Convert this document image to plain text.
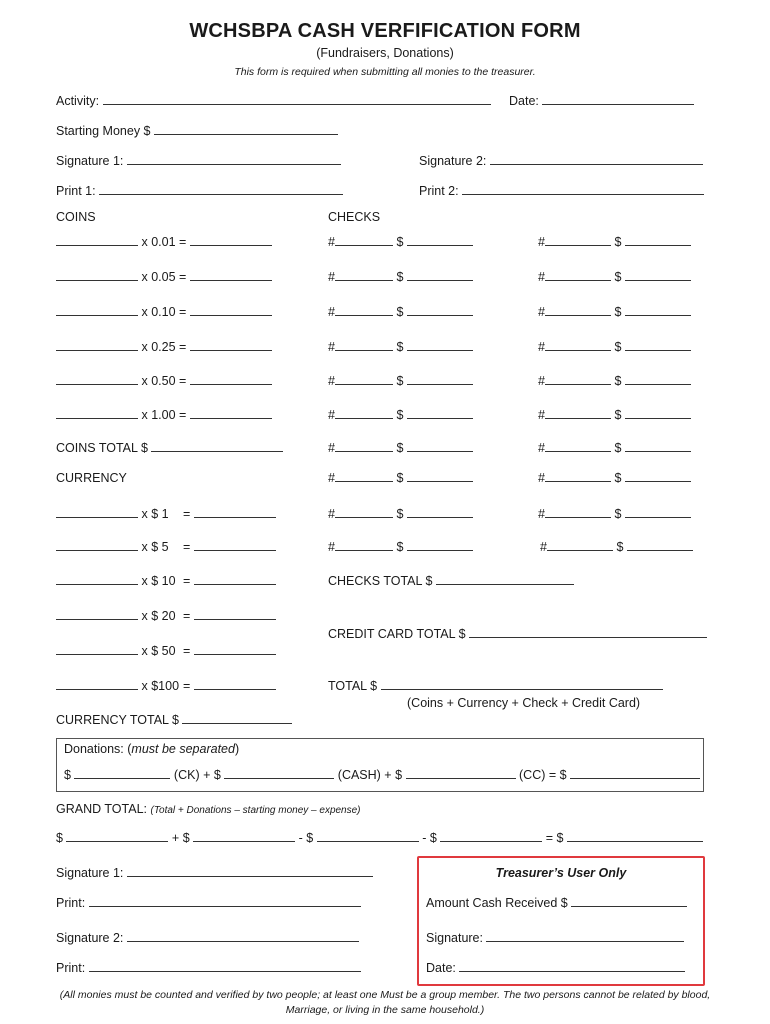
WCHSBPA CASH VERFIFICATION FORM
(Fundraisers, Donations)
This form is required when submitting all monies to the treasurer.
Activity:	Date:
Starting Money $
Signature 1:	Signature 2:
Print 1:	Print 2:
COINS	CHECKS
x 0.01 =
x 0.05 =
x 0.10 =
x 0.25 =
x 0.50 =
x 1.00 =
COINS TOTAL $
CURRENCY
x $ 1 =
x $ 5 =
x $ 10 =
x $ 20 =
x $ 50 =
x $100 =
CURRENCY TOTAL $
#	$	#	$
#	$	#	$
#	$	#	$
#	$	#	$
#	$	#	$
#	$	#	$
#	$	#	$
#	$	#	$
#	$	#	$
#	$	#	$
CHECKS TOTAL $
CREDIT CARD TOTAL $
TOTAL $
(Coins + Currency + Check + Credit Card)
Donations: (must be separated)
$	(CK) + $	(CASH) + $	(CC) = $
GRAND TOTAL: (Total + Donations – starting money – expense)
$	+ $	- $	- $	= $
Signature 1:
Print:
Signature 2:
Print:
Treasurer’s User Only
Amount Cash Received $
Signature:
Date:
(All monies must be counted and verified by two people; at least one Must be a group member. The two persons cannot be related by blood, Marriage, or living in the same household.)
